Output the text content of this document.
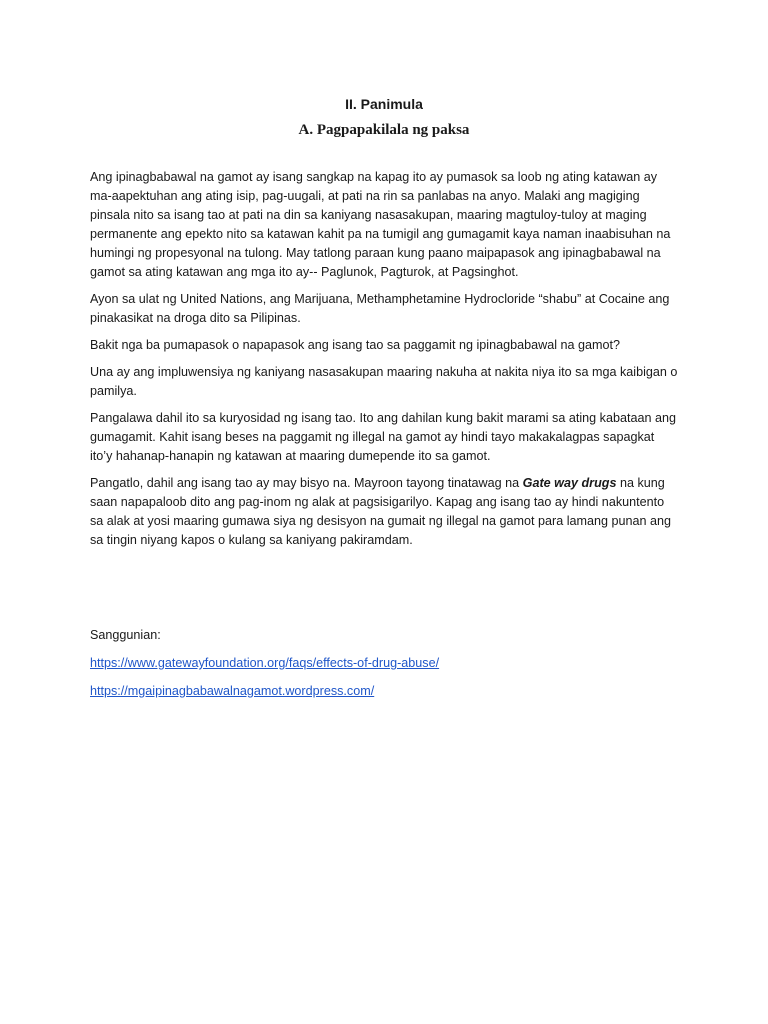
II. Panimula
A. Pagpapakilala ng paksa

Ang ipinagbabawal na gamot ay isang sangkap na kapag ito ay pumasok sa loob ng ating katawan ay ma-aapektuhan ang ating isip, pag-uugali, at pati na rin sa panlabas na anyo. Malaki ang magiging pinsala nito sa isang tao at pati na din sa kaniyang nasasakupan, maaring magtuloy-tuloy at maging permanente ang epekto nito sa katawan kahit pa na tumigil ang gumagamit kaya naman inaabisuhan na humingi ng propesyonal na tulong. May tatlong paraan kung paano maipapasok ang ipinagbabawal na gamot sa ating katawan ang mga ito ay-- Paglunok, Pagturok, at Pagsinghot.

Ayon sa ulat ng United Nations, ang Marijuana, Methamphetamine Hydrocloride “shabu” at Cocaine ang pinakasikat na droga dito sa Pilipinas.

Bakit nga ba pumapasok o napapasok ang isang tao sa paggamit ng ipinagbabawal na gamot?

Una ay ang impluwensiya ng kaniyang nasasakupan maaring nakuha at nakita niya ito sa mga kaibigan o pamilya.

Pangalawa dahil ito sa kuryosidad ng isang tao. Ito ang dahilan kung bakit marami sa ating kabataan ang gumagamit. Kahit isang beses na paggamit ng illegal na gamot ay hindi tayo makakalagpas sapagkat ito’y hahanap-hanapin ng katawan at maaring dumepende ito sa gamot.

Pangatlo, dahil ang isang tao ay may bisyo na. Mayroon tayong tinatawag na Gate way drugs na kung saan napapaloob dito ang pag-inom ng alak at pagsisigarilyo. Kapag ang isang tao ay hindi nakuntento sa alak at yosi maaring gumawa siya ng desisyon na gumait ng illegal na gamot para lamang punan ang sa tingin niyang kapos o kulang sa kaniyang pakiramdam.

Sanggunian:

https://www.gatewayfoundation.org/faqs/effects-of-drug-abuse/

https://mgaipinagbabawalnagamot.wordpress.com/
